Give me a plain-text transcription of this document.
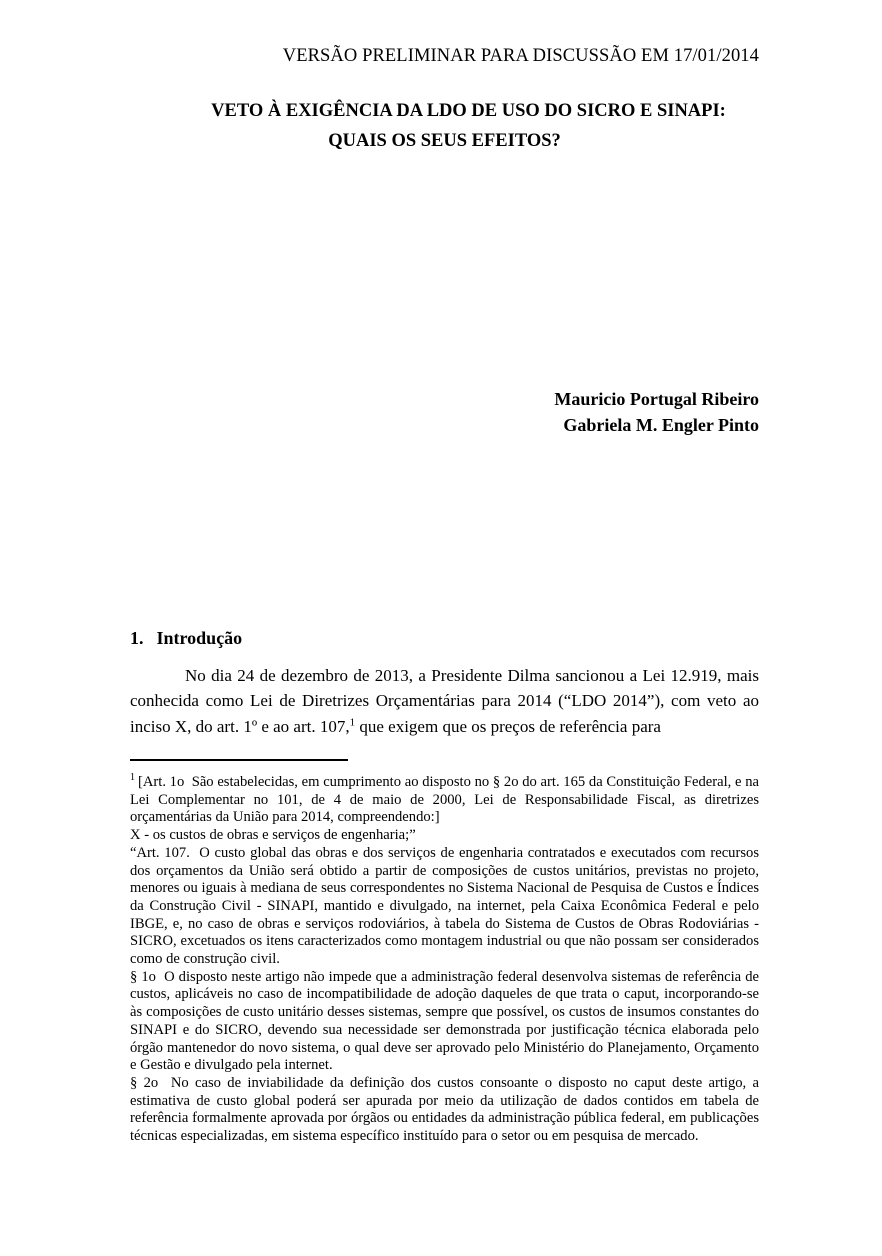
VERSÃO PRELIMINAR PARA DISCUSSÃO EM 17/01/2014
VETO À EXIGÊNCIA DA LDO DE USO DO SICRO E SINAPI:
QUAIS OS SEUS EFEITOS?
Mauricio Portugal Ribeiro
Gabriela M. Engler Pinto
1. Introdução

No dia 24 de dezembro de 2013, a Presidente Dilma sancionou a Lei 12.919, mais conhecida como Lei de Diretrizes Orçamentárias para 2014 (“LDO 2014”), com veto ao inciso X, do art. 1º e ao art. 107,$^1$ que exigem que os preços de referência para

$^1$ [Art. 1o  São estabelecidas, em cumprimento ao disposto no § 2o do art. 165 da Constituição Federal, e na Lei Complementar no 101, de 4 de maio de 2000, Lei de Responsabilidade Fiscal, as diretrizes orçamentárias da União para 2014, compreendendo:]

X - os custos de obras e serviços de engenharia;”

“Art. 107.  O custo global das obras e dos serviços de engenharia contratados e executados com recursos dos orçamentos da União será obtido a partir de composições de custos unitários, previstas no projeto, menores ou iguais à mediana de seus correspondentes no Sistema Nacional de Pesquisa de Custos e Índices da Construção Civil - SINAPI, mantido e divulgado, na internet, pela Caixa Econômica Federal e pelo IBGE, e, no caso de obras e serviços rodoviários, à tabela do Sistema de Custos de Obras Rodoviárias - SICRO, excetuados os itens caracterizados como montagem industrial ou que não possam ser considerados como de construção civil.

§ 1o  O disposto neste artigo não impede que a administração federal desenvolva sistemas de referência de custos, aplicáveis no caso de incompatibilidade de adoção daqueles de que trata o caput, incorporando-se às composições de custo unitário desses sistemas, sempre que possível, os custos de insumos constantes do SINAPI e do SICRO, devendo sua necessidade ser demonstrada por justificação técnica elaborada pelo órgão mantenedor do novo sistema, o qual deve ser aprovado pelo Ministério do Planejamento, Orçamento e Gestão e divulgado pela internet.

§ 2o  No caso de inviabilidade da definição dos custos consoante o disposto no caput deste artigo, a estimativa de custo global poderá ser apurada por meio da utilização de dados contidos em tabela de referência formalmente aprovada por órgãos ou entidades da administração pública federal, em publicações técnicas especializadas, em sistema específico instituído para o setor ou em pesquisa de mercado.
